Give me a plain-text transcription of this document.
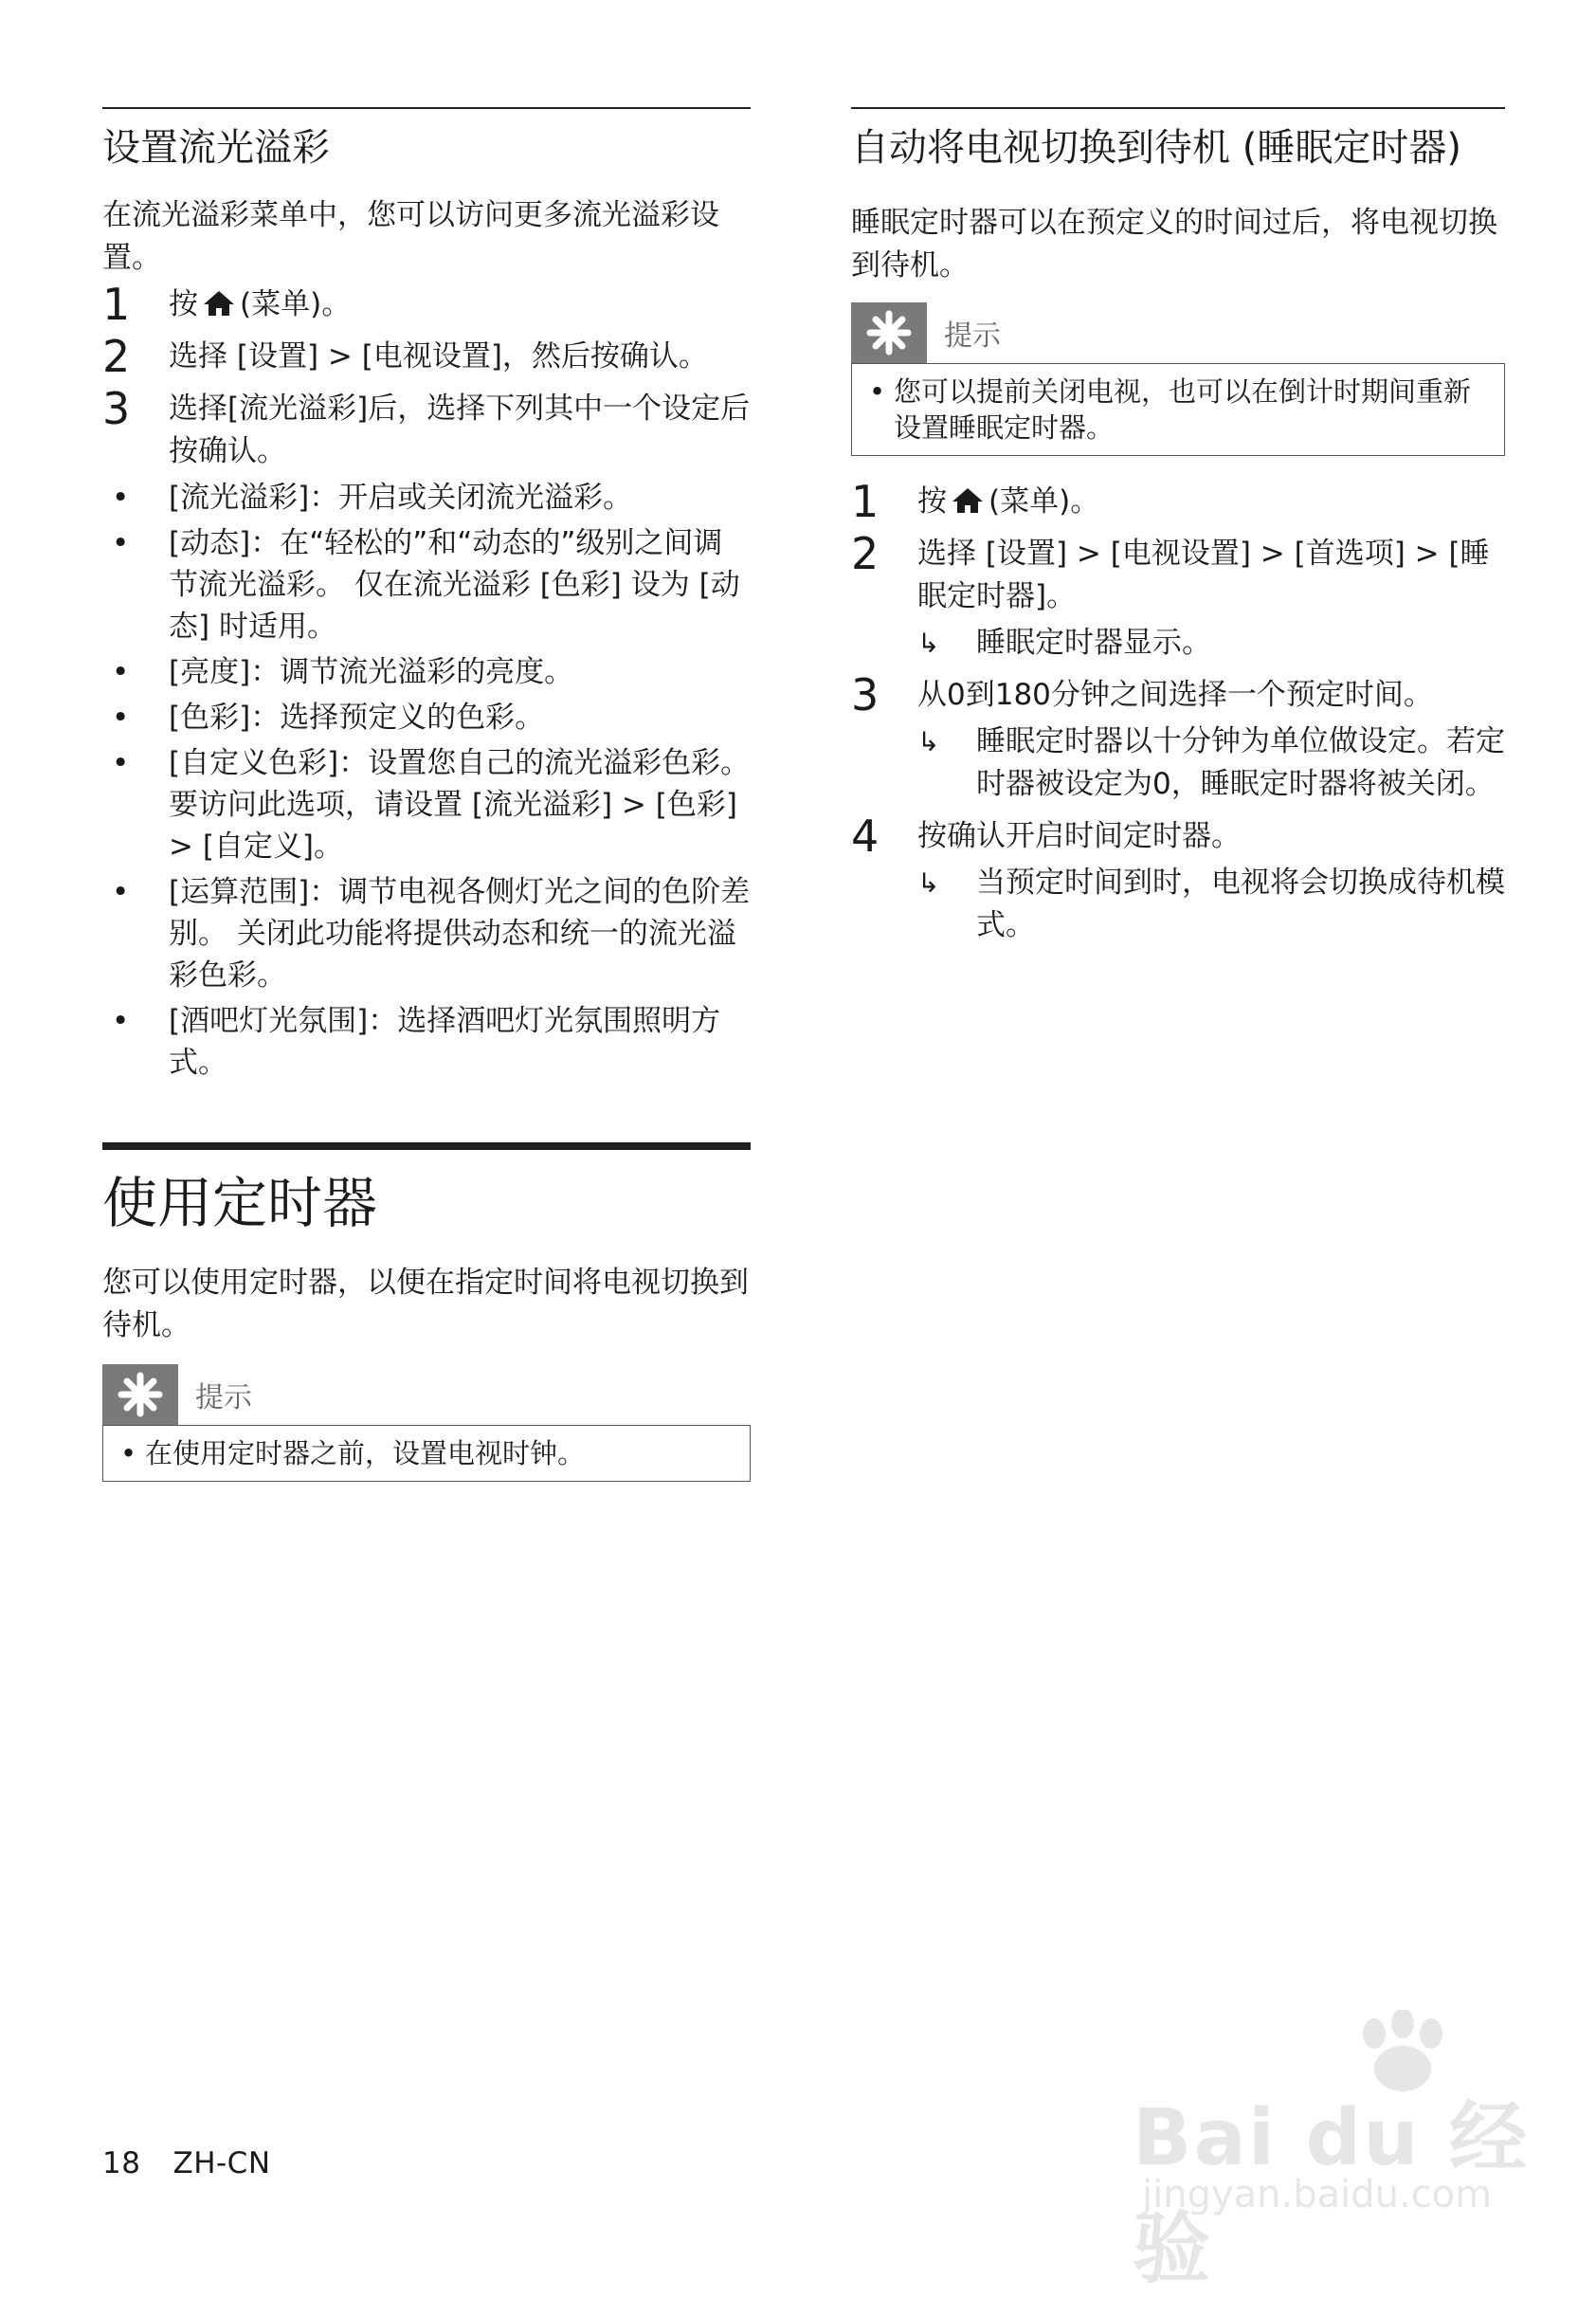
设置流光溢彩

在流光溢彩菜单中，您可以访问更多流光溢彩设置。

1 按 (菜单)。
2 选择 [设置] > [电视设置]，然后按确认。
3 选择[流光溢彩]后，选择下列其中一个设定后按确认。
• [流光溢彩]：开启或关闭流光溢彩。
• [动态]：在“轻松的”和“动态的”级别之间调节流光溢彩。 仅在流光溢彩 [色彩] 设为 [动态] 时适用。
• [亮度]：调节流光溢彩的亮度。
• [色彩]：选择预定义的色彩。
• [自定义色彩]：设置您自己的流光溢彩色彩。 要访问此选项，请设置 [流光溢彩] > [色彩] > [自定义]。
• [运算范围]：调节电视各侧灯光之间的色阶差别。 关闭此功能将提供动态和统一的流光溢彩色彩。
• [酒吧灯光氛围]：选择酒吧灯光氛围照明方式。
使用定时器

您可以使用定时器，以便在指定时间将电视切换到待机。

提示
• 在使用定时器之前，设置电视时钟。
自动将电视切换到待机 (睡眠定时器)

睡眠定时器可以在预定义的时间过后，将电视切换到待机。

提示
• 您可以提前关闭电视，也可以在倒计时期间重新设置睡眠定时器。
1 按 (菜单)。
2 选择 [设置] > [电视设置] > [首选项] > [睡眠定时器]。
↳ 睡眠定时器显示。
3 从0到180分钟之间选择一个预定时间。
↳ 睡眠定时器以十分钟为单位做设定。若定时器被设定为0，睡眠定时器将被关闭。
4 按确认开启时间定时器。
↳ 当预定时间到时，电视将会切换成待机模式。
18 ZH-CN	Bai du 经验
jingyan.baidu.com
